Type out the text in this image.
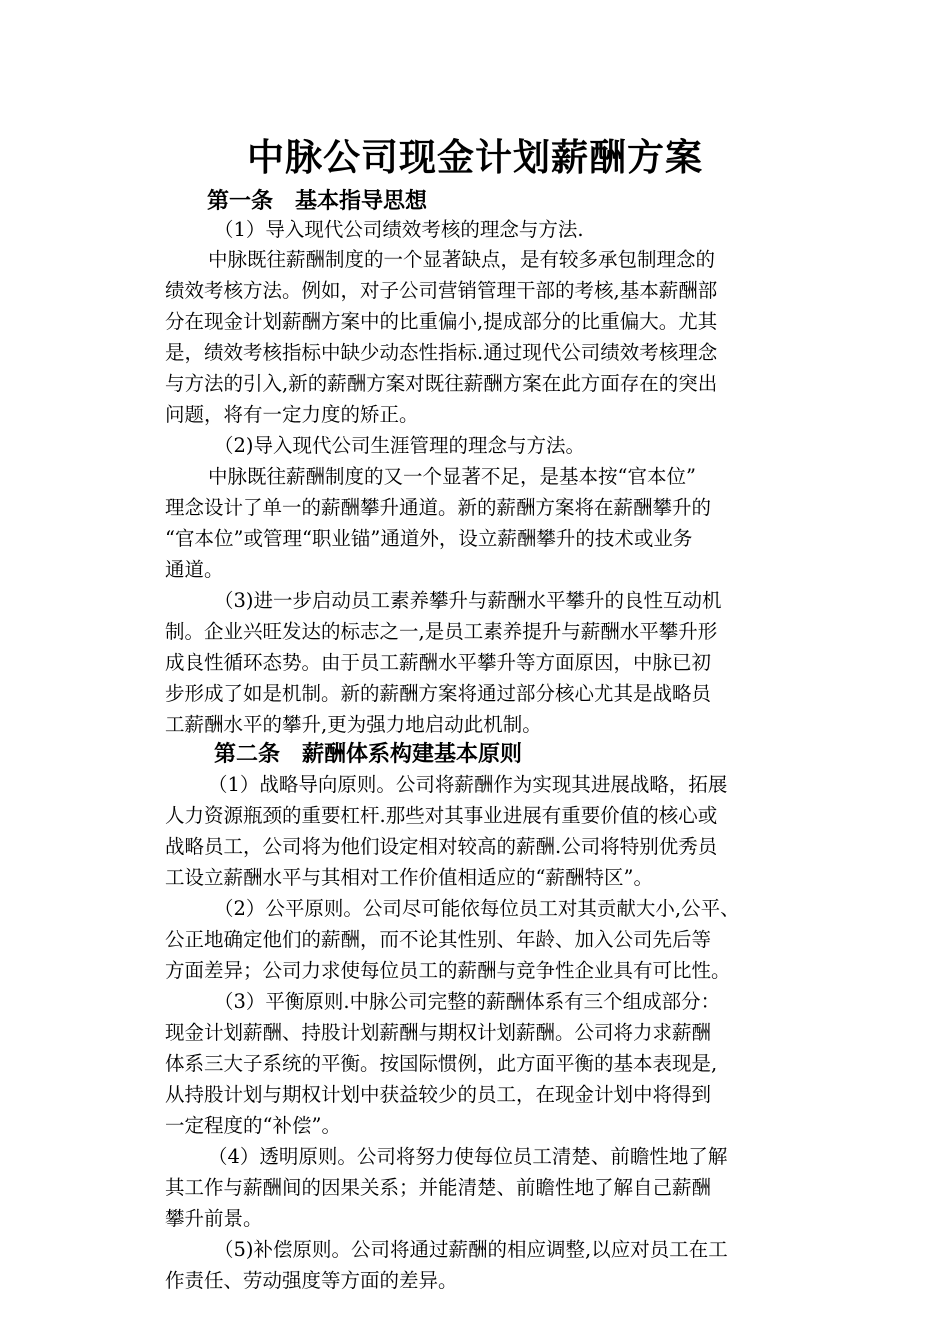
中脉公司现金计划薪酬方案
第一条　基本指导思想
（1）导入现代公司绩效考核的理念与方法.
中脉既往薪酬制度的一个显著缺点，是有较多承包制理念的
绩效考核方法。例如，对子公司营销管理干部的考核,基本薪酬部
分在现金计划薪酬方案中的比重偏小,提成部分的比重偏大。尤其
是，绩效考核指标中缺少动态性指标.通过现代公司绩效考核理念
与方法的引入,新的薪酬方案对既往薪酬方案在此方面存在的突出
问题，将有一定力度的矫正。
（2)导入现代公司生涯管理的理念与方法。
中脉既往薪酬制度的又一个显著不足，是基本按“官本位”
理念设计了单一的薪酬攀升通道。新的薪酬方案将在薪酬攀升的
“官本位”或管理“职业锚”通道外，设立薪酬攀升的技术或业务
通道。
（3)进一步启动员工素养攀升与薪酬水平攀升的良性互动机
制。企业兴旺发达的标志之一,是员工素养提升与薪酬水平攀升形
成良性循环态势。由于员工薪酬水平攀升等方面原因，中脉已初
步形成了如是机制。新的薪酬方案将通过部分核心尤其是战略员
工薪酬水平的攀升,更为强力地启动此机制。
第二条　薪酬体系构建基本原则
（1）战略导向原则。公司将薪酬作为实现其进展战略，拓展
人力资源瓶颈的重要杠杆.那些对其事业进展有重要价值的核心或
战略员工，公司将为他们设定相对较高的薪酬.公司将特别优秀员
工设立薪酬水平与其相对工作价值相适应的“薪酬特区”。
（2）公平原则。公司尽可能依每位员工对其贡献大小,公平、
公正地确定他们的薪酬，而不论其性别、年龄、加入公司先后等
方面差异；公司力求使每位员工的薪酬与竞争性企业具有可比性。
（3）平衡原则.中脉公司完整的薪酬体系有三个组成部分：
现金计划薪酬、持股计划薪酬与期权计划薪酬。公司将力求薪酬
体系三大子系统的平衡。按国际惯例，此方面平衡的基本表现是,
从持股计划与期权计划中获益较少的员工，在现金计划中将得到
一定程度的“补偿”。
（4）透明原则。公司将努力使每位员工清楚、前瞻性地了解
其工作与薪酬间的因果关系；并能清楚、前瞻性地了解自己薪酬
攀升前景。
（5)补偿原则。公司将通过薪酬的相应调整,以应对员工在工
作责任、劳动强度等方面的差异。
